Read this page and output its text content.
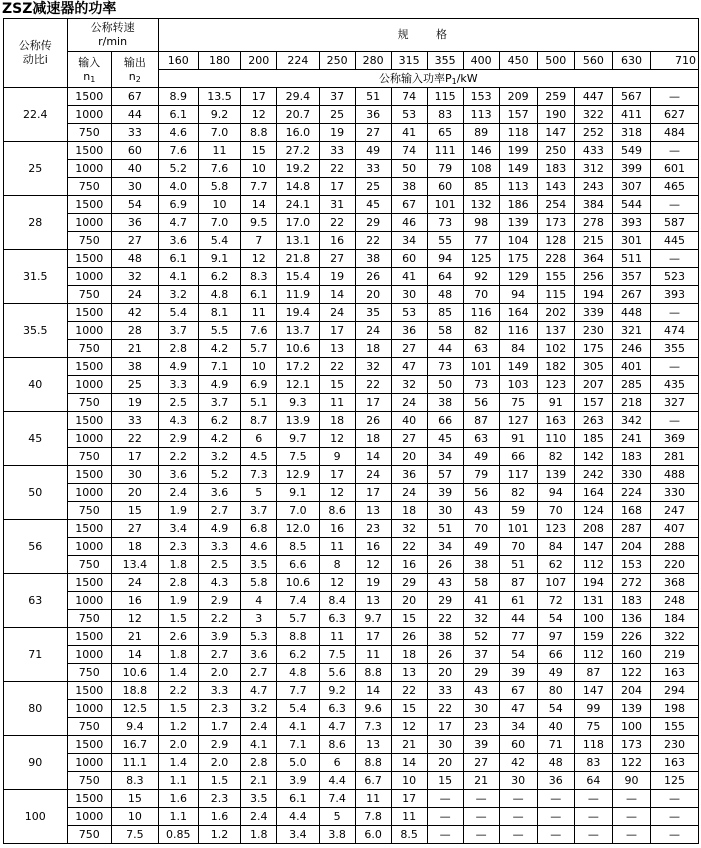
ZSZ减速器的功率
公称传
动比i	公称转速
r/min		规 格													
	输入
$n_1$	输出
$n_2$	160	180	200	224	250	280	315	355	400	450	500	560	630	710
			公称输入功率$P_1/kW$													
22.4	1500	67	8.9	13.5	17	29.4	37	51	74	115	153	209	259	447	567	—
	1000	44	6.1	9.2	12	20.7	25	36	53	83	113	157	190	322	411	627
	750	33	4.6	7.0	8.8	16.0	19	27	41	65	89	118	147	252	318	484
25	1500	60	7.6	11	15	27.2	33	49	74	111	146	199	250	433	549	—
	1000	40	5.2	7.6	10	19.2	22	33	50	79	108	149	183	312	399	601
	750	30	4.0	5.8	7.7	14.8	17	25	38	60	85	113	143	243	307	465
28	1500	54	6.9	10	14	24.1	31	45	67	101	132	186	254	384	544	—
	1000	36	4.7	7.0	9.5	17.0	22	29	46	73	98	139	173	278	393	587
	750	27	3.6	5.4	7	13.1	16	22	34	55	77	104	128	215	301	445
31.5	1500	48	6.1	9.1	12	21.8	27	38	60	94	125	175	228	364	511	—
	1000	32	4.1	6.2	8.3	15.4	19	26	41	64	92	129	155	256	357	523
	750	24	3.2	4.8	6.1	11.9	14	20	30	48	70	94	115	194	267	393
35.5	1500	42	5.4	8.1	11	19.4	24	35	53	85	116	164	202	339	448	—
	1000	28	3.7	5.5	7.6	13.7	17	24	36	58	82	116	137	230	321	474
	750	21	2.8	4.2	5.7	10.6	13	18	27	44	63	84	102	175	246	355
40	1500	38	4.9	7.1	10	17.2	22	32	47	73	101	149	182	305	401	—
	1000	25	3.3	4.9	6.9	12.1	15	22	32	50	73	103	123	207	285	435
	750	19	2.5	3.7	5.1	9.3	11	17	24	38	56	75	91	157	218	327
45	1500	33	4.3	6.2	8.7	13.9	18	26	40	66	87	127	163	263	342	—
	1000	22	2.9	4.2	6	9.7	12	18	27	45	63	91	110	185	241	369
	750	17	2.2	3.2	4.5	7.5	9	14	20	34	49	66	82	142	183	281
50	1500	30	3.6	5.2	7.3	12.9	17	24	36	57	79	117	139	242	330	488
	1000	20	2.4	3.6	5	9.1	12	17	24	39	56	82	94	164	224	330
	750	15	1.9	2.7	3.7	7.0	8.6	13	18	30	43	59	70	124	168	247
56	1500	27	3.4	4.9	6.8	12.0	16	23	32	51	70	101	123	208	287	407
	1000	18	2.3	3.3	4.6	8.5	11	16	22	34	49	70	84	147	204	288
	750	13.4	1.8	2.5	3.5	6.6	8	12	16	26	38	51	62	112	153	220
63	1500	24	2.8	4.3	5.8	10.6	12	19	29	43	58	87	107	194	272	368
	1000	16	1.9	2.9	4	7.4	8.4	13	20	29	41	61	72	131	183	248
	750	12	1.5	2.2	3	5.7	6.3	9.7	15	22	32	44	54	100	136	184
71	1500	21	2.6	3.9	5.3	8.8	11	17	26	38	52	77	97	159	226	322
	1000	14	1.8	2.7	3.6	6.2	7.5	11	18	26	37	54	66	112	160	219
	750	10.6	1.4	2.0	2.7	4.8	5.6	8.8	13	20	29	39	49	87	122	163
80	1500	18.8	2.2	3.3	4.7	7.7	9.2	14	22	33	43	67	80	147	204	294
	1000	12.5	1.5	2.3	3.2	5.4	6.3	9.6	15	22	30	47	54	99	139	198
	750	9.4	1.2	1.7	2.4	4.1	4.7	7.3	12	17	23	34	40	75	100	155
90	1500	16.7	2.0	2.9	4.1	7.1	8.6	13	21	30	39	60	71	118	173	230
	1000	11.1	1.4	2.0	2.8	5.0	6	8.8	14	20	27	42	48	83	122	163
	750	8.3	1.1	1.5	2.1	3.9	4.4	6.7	10	15	21	30	36	64	90	125
100	1500	15	1.6	2.3	3.5	6.1	7.4	11	17	—	—	—	—	—	—	—
	1000	10	1.1	1.6	2.4	4.4	5	7.8	11	—	—	—	—	—	—	—
	750	7.5	0.85	1.2	1.8	3.4	3.8	6.0	8.5	—	—	—	—	—	—	—
